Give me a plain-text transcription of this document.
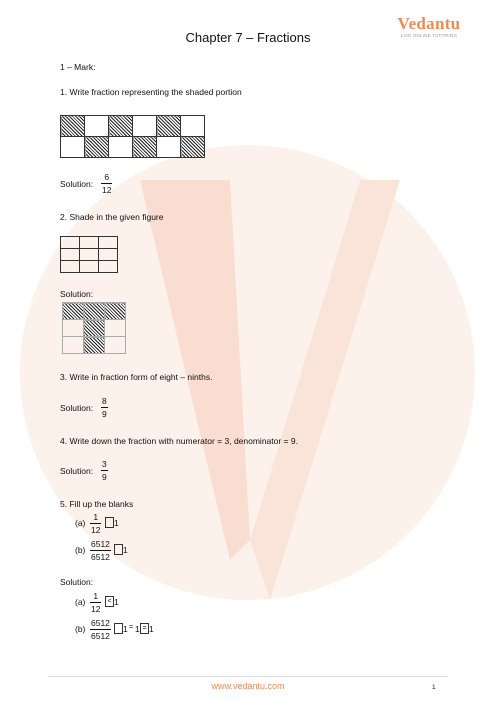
Chapter 7 – Fractions
Vedantu
LIVE ONLINE TUTORING
1 – Mark:
1. Write fraction representing the shaded portion

Solution:
6
12
2. Shade in the given figure

Solution:

3. Write in fraction form of eight – ninths.
Solution:
8
9
4. Write down the fraction with numerator = 3, denominator = 9.
Solution:
3
9
5. Fill up the blanks
(a)
1
12
1
(b)
6512
6512
1
Solution:
(a)
1
12
< 1
(b)
6512
6512
1 = 1 = 1
www.vedantu.com	1
